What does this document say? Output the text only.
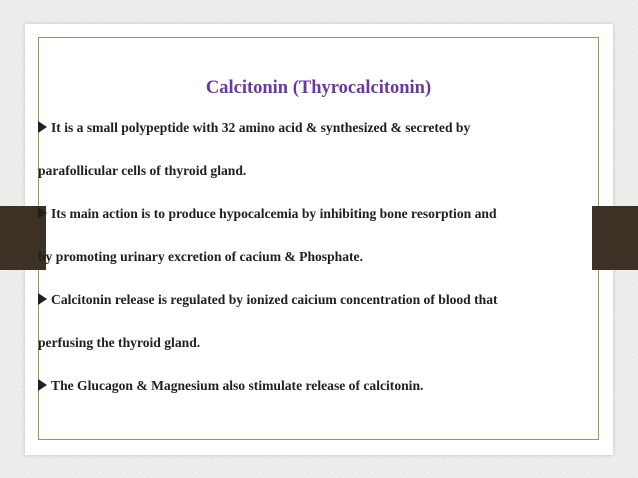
Calcitonin (Thyrocalcitonin)
It is a small polypeptide with 32 amino acid & synthesized & secreted by
parafollicular cells of thyroid gland.
Its main action is to produce hypocalcemia by inhibiting bone resorption and
by promoting urinary excretion of cacium & Phosphate.
Calcitonin release is regulated by ionized caicium concentration of blood that
perfusing the thyroid gland.
The Glucagon & Magnesium also stimulate release of calcitonin.
